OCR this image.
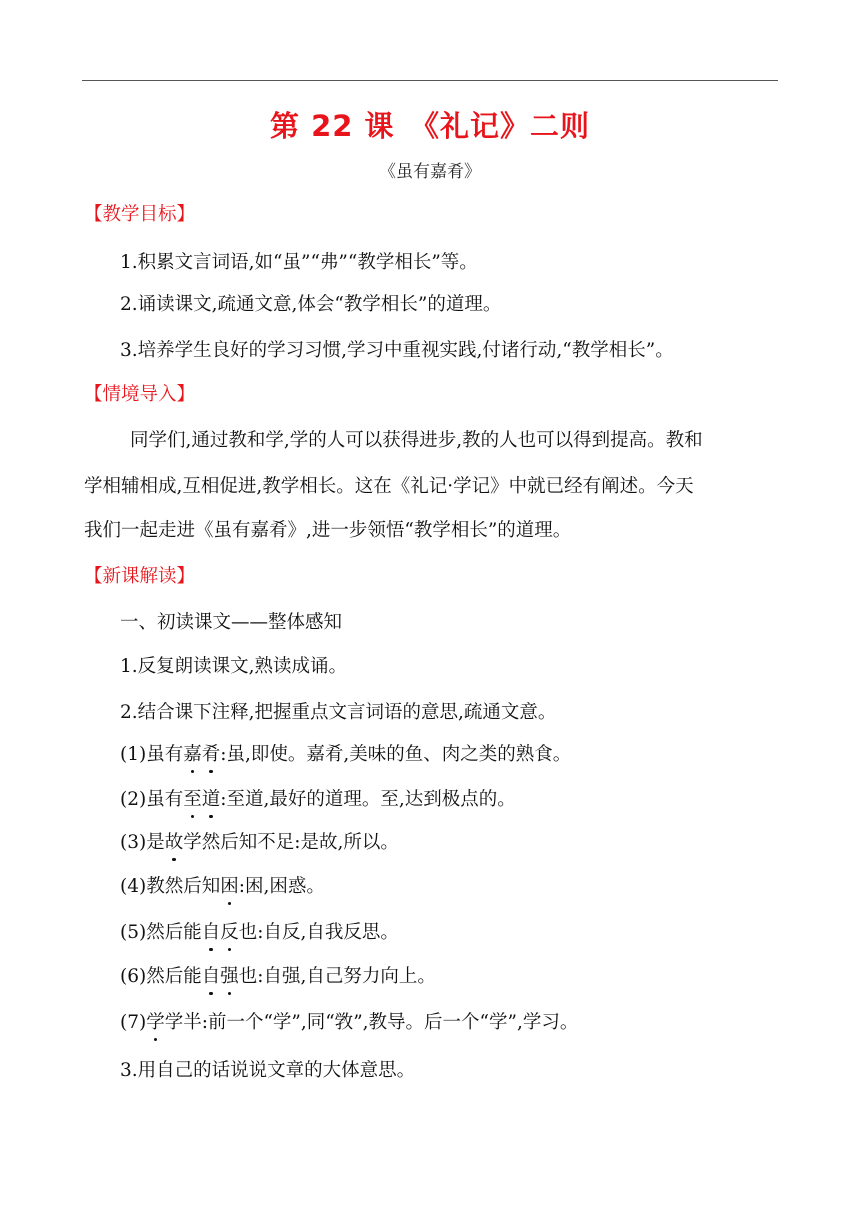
第 22 课　《礼记》二则
《虽有嘉肴》
【教学目标】
1.积累文言词语,如“虽”“弗”“教学相长”等。
2.诵读课文,疏通文意,体会“教学相长”的道理。
3.培养学生良好的学习习惯,学习中重视实践,付诸行动,“教学相长”。
【情境导入】
同学们,通过教和学,学的人可以获得进步,教的人也可以得到提高。教和
学相辅相成,互相促进,教学相长。这在《礼记·学记》中就已经有阐述。今天
我们一起走进《虽有嘉肴》,进一步领悟“教学相长”的道理。
【新课解读】
一、初读课文——整体感知
1.反复朗读课文,熟读成诵。
2.结合课下注释,把握重点文言词语的意思,疏通文意。
(1)虽有嘉肴:虽,即使。嘉肴,美味的鱼、肉之类的熟食。
(2)虽有至道:至道,最好的道理。至,达到极点的。
(3)是故学然后知不足:是故,所以。
(4)教然后知困:困,困惑。
(5)然后能自反也:自反,自我反思。
(6)然后能自强也:自强,自己努力向上。
(7)学学半:前一个“学”,同“敩”,教导。后一个“学”,学习。
3.用自己的话说说文章的大体意思。
